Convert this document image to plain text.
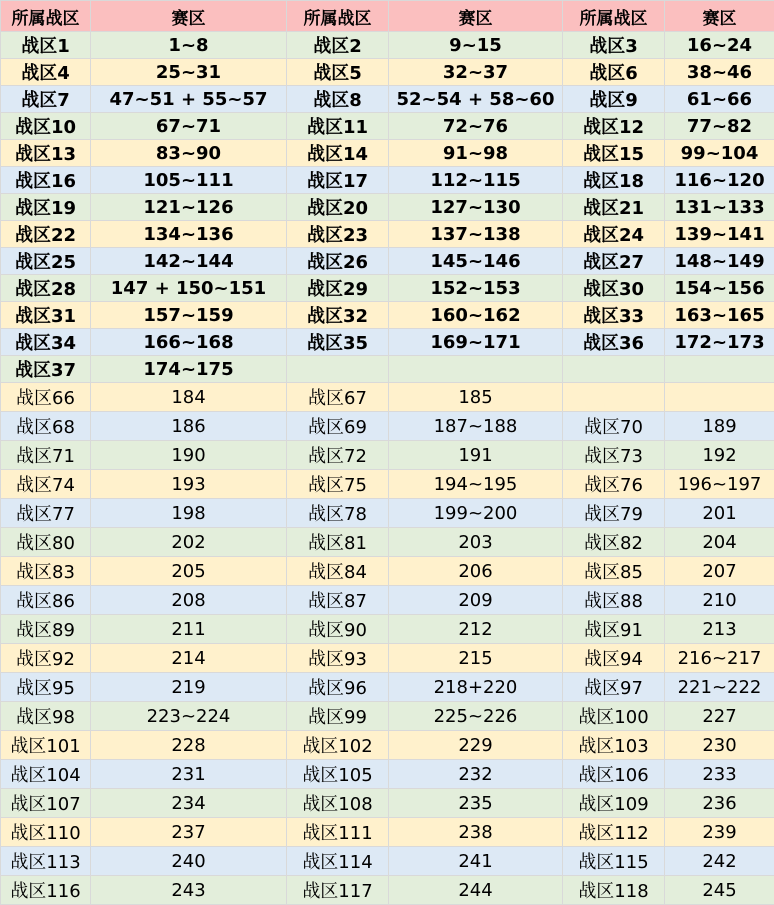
所属战区	赛区	所属战区	赛区	所属战区	赛区
战区1	1~8	战区2	9~15	战区3	16~24
战区4	25~31	战区5	32~37	战区6	38~46
战区7	47~51 + 55~57	战区8	52~54 + 58~60	战区9	61~66
战区10	67~71	战区11	72~76	战区12	77~82
战区13	83~90	战区14	91~98	战区15	99~104
战区16	105~111	战区17	112~115	战区18	116~120
战区19	121~126	战区20	127~130	战区21	131~133
战区22	134~136	战区23	137~138	战区24	139~141
战区25	142~144	战区26	145~146	战区27	148~149
战区28	147 + 150~151	战区29	152~153	战区30	154~156
战区31	157~159	战区32	160~162	战区33	163~165
战区34	166~168	战区35	169~171	战区36	172~173
战区37	174~175				
战区66	184	战区67	185		
战区68	186	战区69	187~188	战区70	189
战区71	190	战区72	191	战区73	192
战区74	193	战区75	194~195	战区76	196~197
战区77	198	战区78	199~200	战区79	201
战区80	202	战区81	203	战区82	204
战区83	205	战区84	206	战区85	207
战区86	208	战区87	209	战区88	210
战区89	211	战区90	212	战区91	213
战区92	214	战区93	215	战区94	216~217
战区95	219	战区96	218+220	战区97	221~222
战区98	223~224	战区99	225~226	战区100	227
战区101	228	战区102	229	战区103	230
战区104	231	战区105	232	战区106	233
战区107	234	战区108	235	战区109	236
战区110	237	战区111	238	战区112	239
战区113	240	战区114	241	战区115	242
战区116	243	战区117	244	战区118	245
